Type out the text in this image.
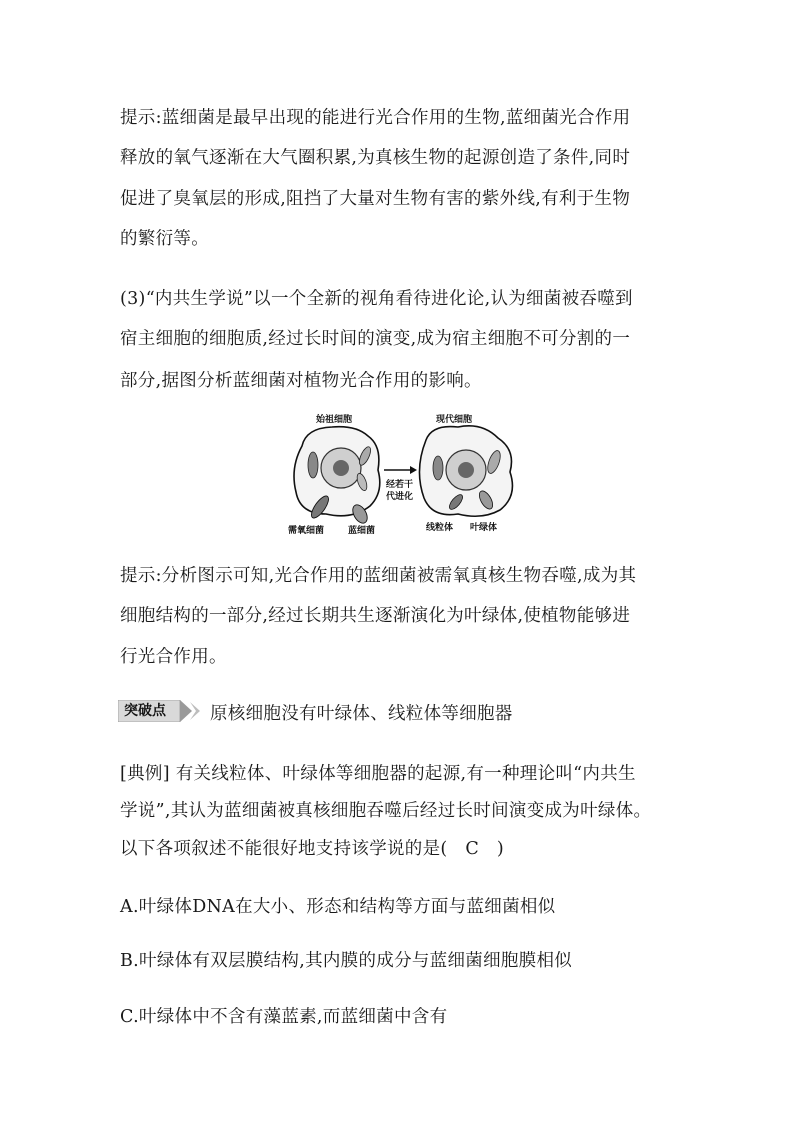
提示:蓝细菌是最早出现的能进行光合作用的生物,蓝细菌光合作用
释放的氧气逐渐在大气圈积累,为真核生物的起源创造了条件,同时
促进了臭氧层的形成,阻挡了大量对生物有害的紫外线,有利于生物
的繁衍等。
(3)“内共生学说”以一个全新的视角看待进化论,认为细菌被吞噬到
宿主细胞的细胞质,经过长时间的演变,成为宿主细胞不可分割的一
部分,据图分析蓝细菌对植物光合作用的影响。
始祖细胞
需氧细菌	蓝细菌
经若干
代进化
现代细胞
线粒体 叶绿体
提示:分析图示可知,光合作用的蓝细菌被需氧真核生物吞噬,成为其
细胞结构的一部分,经过长期共生逐渐演化为叶绿体,使植物能够进
行光合作用。
突破点	原核细胞没有叶绿体、线粒体等细胞器
[典例] 有关线粒体、叶绿体等细胞器的起源,有一种理论叫“内共生
学说”,其认为蓝细菌被真核细胞吞噬后经过长时间演变成为叶绿体。
以下各项叙述不能很好地支持该学说的是(　C　)
A.叶绿体DNA在大小、形态和结构等方面与蓝细菌相似
B.叶绿体有双层膜结构,其内膜的成分与蓝细菌细胞膜相似
C.叶绿体中不含有藻蓝素,而蓝细菌中含有
